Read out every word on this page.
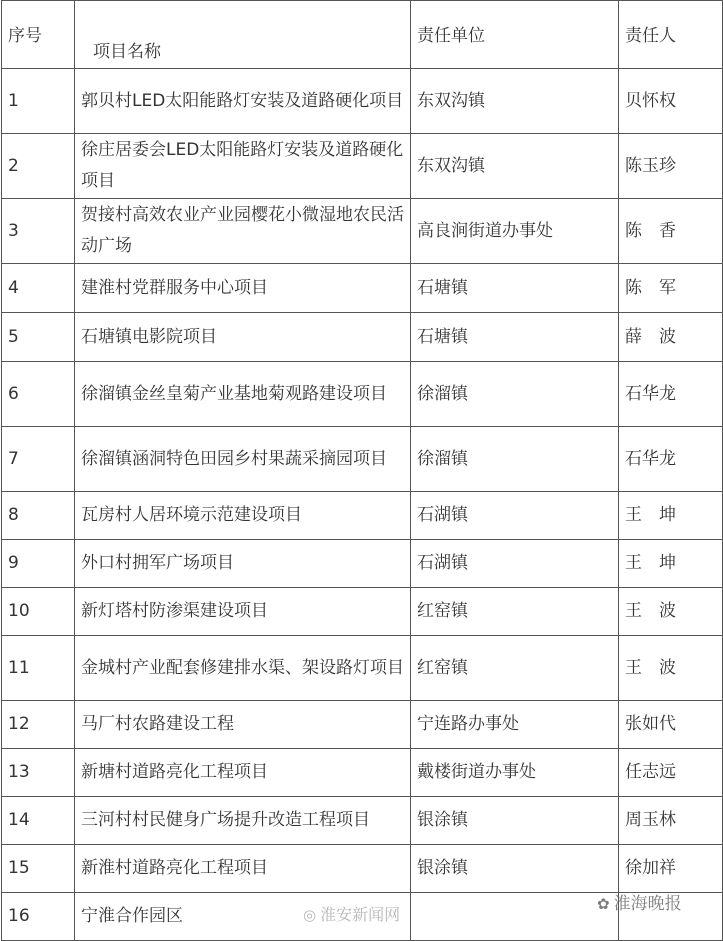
序号	项目名称	责任单位	责任人
1	郭贝村LED太阳能路灯安装及道路硬化项目	东双沟镇	贝怀权
2	徐庄居委会LED太阳能路灯安装及道路硬化项目	东双沟镇	陈玉珍
3	贺接村高效农业产业园樱花小微湿地农民活动广场	高良涧街道办事处	陈　香
4	建淮村党群服务中心项目	石塘镇	陈　军
5	石塘镇电影院项目	石塘镇	薛　波
6	徐溜镇金丝皇菊产业基地菊观路建设项目	徐溜镇	石华龙
7	徐溜镇涵洞特色田园乡村果蔬采摘园项目	徐溜镇	石华龙
8	瓦房村人居环境示范建设项目	石湖镇	王　坤
9	外口村拥军广场项目	石湖镇	王　坤
10	新灯塔村防渗渠建设项目	红窑镇	王　波
11	金城村产业配套修建排水渠、架设路灯项目	红窑镇	王　波
12	马厂村农路建设工程	宁连路办事处	张如代
13	新塘村道路亮化工程项目	戴楼街道办事处	任志远
14	三河村村民健身广场提升改造工程项目	银涂镇	周玉林
15	新淮村道路亮化工程项目	银涂镇	徐加祥
16	宁淮合作园区			◎ 淮安新闻网
✿ 淮海晚报
